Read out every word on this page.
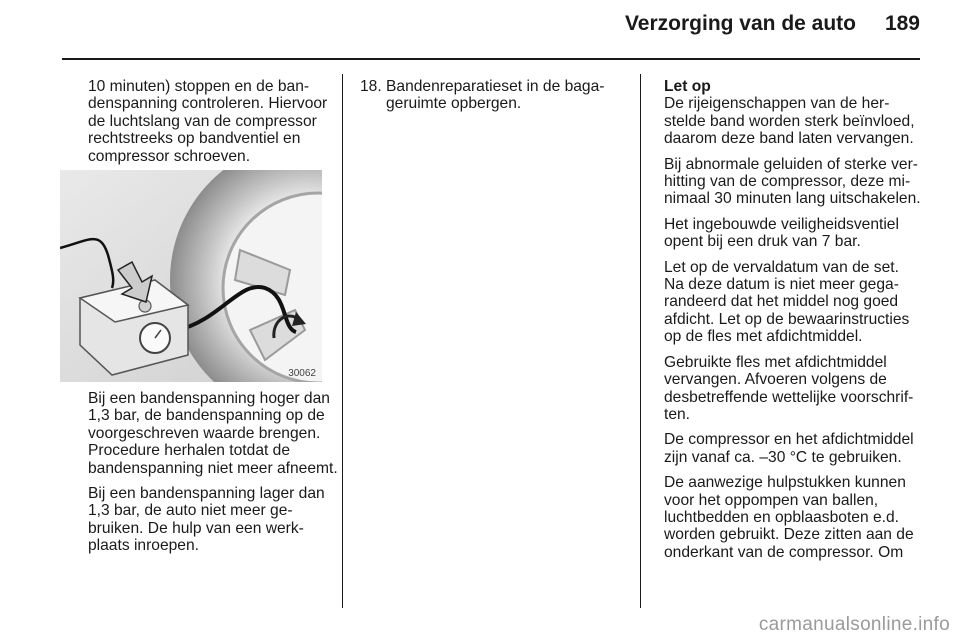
Verzorging van de auto	189

10 minuten) stoppen en de bandenspanning controleren. Hiervoor de luchtslang van de compressor rechtstreeks op bandventiel en compressor schroeven.

30062

Bij een bandenspanning hoger dan 1,3 bar, de bandenspanning op de voorgeschreven waarde brengen. Procedure herhalen totdat de bandenspanning niet meer afneemt.

Bij een bandenspanning lager dan 1,3 bar, de auto niet meer gebruiken. De hulp van een werkplaats inroepen.

18. Bandenreparatieset in de bagageruimte opbergen.
Let op

De rijeigenschappen van de herstelde band worden sterk beïnvloed, daarom deze band laten vervangen.

Bij abnormale geluiden of sterke verhitting van de compressor, deze minimaal 30 minuten lang uitschakelen.

Het ingebouwde veiligheidsventiel opent bij een druk van 7 bar.

Let op de vervaldatum van de set. Na deze datum is niet meer gegarandeerd dat het middel nog goed afdicht. Let op de bewaarinstructies op de fles met afdichtmiddel.

Gebruikte fles met afdichtmiddel vervangen. Afvoeren volgens de desbetreffende wettelijke voorschriften.

De compressor en het afdichtmiddel zijn vanaf ca. –30 °C te gebruiken.

De aanwezige hulpstukken kunnen voor het oppompen van ballen, luchtbedden en opblaasboten e.d. worden gebruikt. Deze zitten aan de onderkant van de compressor. Om

carmanualsonline.info
